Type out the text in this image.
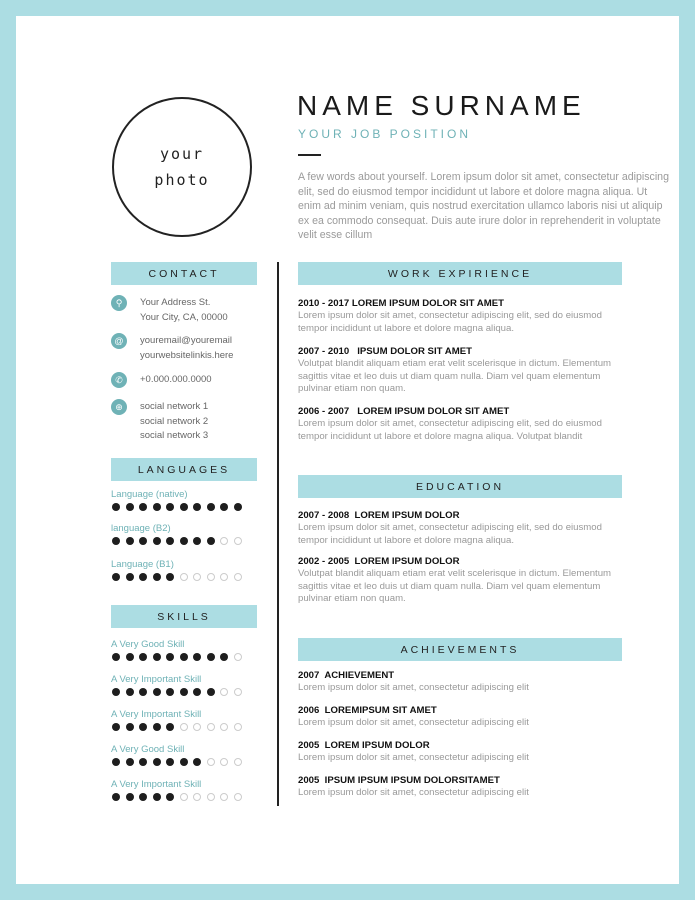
your
photo
NAME SURNAME
YOUR JOB POSITION
A few words about yourself. Lorem ipsum dolor sit amet, consectetur adipiscing elit, sed do eiusmod tempor incididunt ut labore et dolore magna aliqua. Ut enim ad minim veniam, quis nostrud exercitation ullamco laboris nisi ut aliquip ex ea commodo consequat. Duis aute irure dolor in reprehenderit in voluptate velit esse cillum
CONTACT
LANGUAGES
SKILLS
WORK EXPIRIENCE
EDUCATION
ACHIEVEMENTS
⚲	Your Address St.
Your City, CA, 00000
@	youremail@youremail
yourwebsitelinkis.here
✆	+0.000.000.0000
⊕	social network 1
social network 2
social network 3
Language (native)
language (B2)
Language (B1)
A Very Good Skill
A Very Important Skill
A Very Important Skill
A Very Good Skill
A Very Important Skill
2010 - 2017 LOREM IPSUM DOLOR SIT AMET
Lorem ipsum dolor sit amet, consectetur adipiscing elit, sed do eiusmod
tempor incididunt ut labore et dolore magna aliqua.
2007 - 2010   IPSUM DOLOR SIT AMET
Volutpat blandit aliquam etiam erat velit scelerisque in dictum. Elementum
sagittis vitae et leo duis ut diam quam nulla. Diam vel quam elementum
pulvinar etiam non quam.
2006 - 2007   LOREM IPSUM DOLOR SIT AMET
Lorem ipsum dolor sit amet, consectetur adipiscing elit, sed do eiusmod
tempor incididunt ut labore et dolore magna aliqua. Volutpat blandit
2007 - 2008  LOREM IPSUM DOLOR
Lorem ipsum dolor sit amet, consectetur adipiscing elit, sed do eiusmod
tempor incididunt ut labore et dolore magna aliqua.
2002 - 2005  LOREM IPSUM DOLOR
Volutpat blandit aliquam etiam erat velit scelerisque in dictum. Elementum
sagittis vitae et leo duis ut diam quam nulla. Diam vel quam elementum
pulvinar etiam non quam.
2007  ACHIEVEMENT
Lorem ipsum dolor sit amet, consectetur adipiscing elit
2006  LOREMIPSUM SIT AMET
Lorem ipsum dolor sit amet, consectetur adipiscing elit
2005  LOREM IPSUM DOLOR
Lorem ipsum dolor sit amet, consectetur adipiscing elit
2005  IPSUM IPSUM IPSUM DOLORSITAMET
Lorem ipsum dolor sit amet, consectetur adipiscing elit
